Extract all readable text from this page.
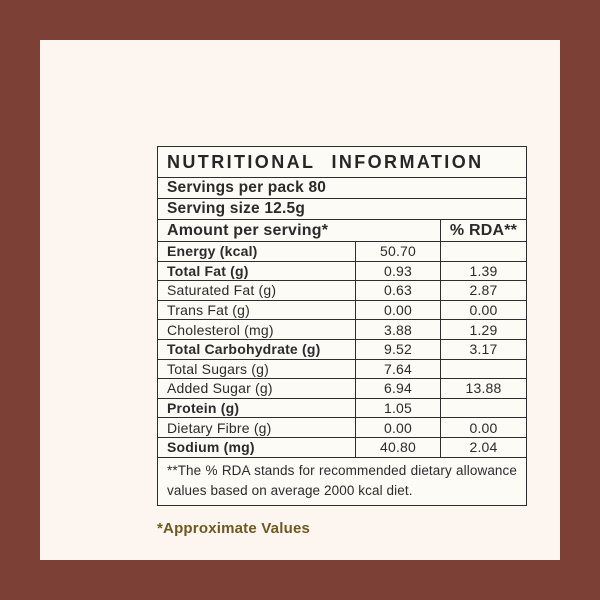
NUTRITIONAL INFORMATION		
Servings per pack 80		
Serving size 12.5g		
Amount per serving*		% RDA**
Energy (kcal)	50.70	
Total Fat (g)	0.93	1.39
Saturated Fat (g)	0.63	2.87
Trans Fat (g)	0.00	0.00
Cholesterol (mg)	3.88	1.29
Total Carbohydrate (g)	9.52	3.17
Total Sugars (g)	7.64	
Added Sugar (g)	6.94	13.88
Protein (g)	1.05	
Dietary Fibre (g)	0.00	0.00
Sodium (mg)	40.80	2.04
**The % RDA stands for recommended dietary allowance values based on average 2000 kcal diet.		
*Approximate Values
